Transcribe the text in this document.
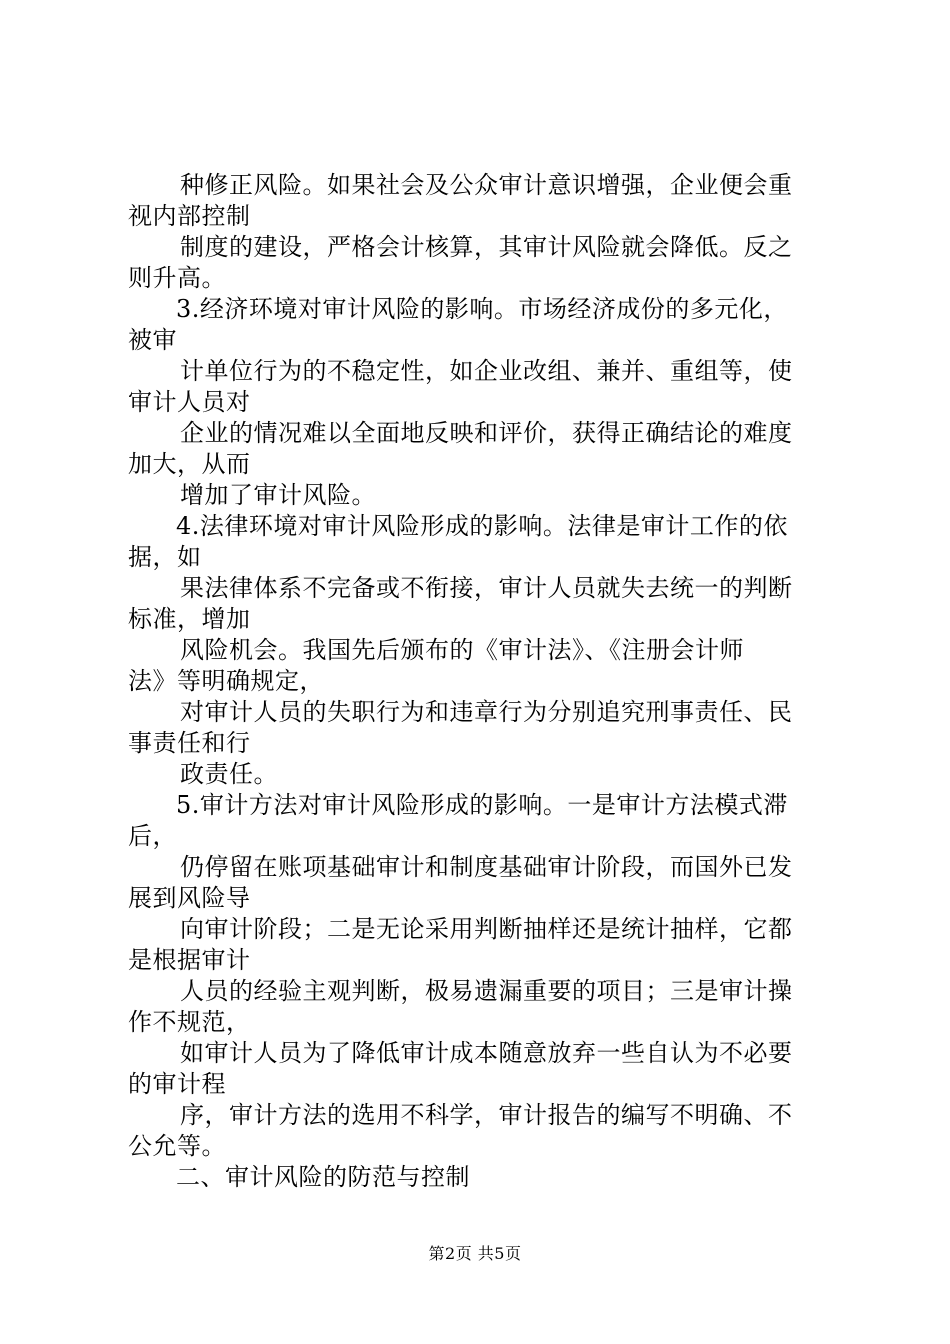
种修正风险。如果社会及公众审计意识增强，企业便会重
视内部控制
制度的建设，严格会计核算，其审计风险就会降低。反之
则升高。
3.经济环境对审计风险的影响。市场经济成份的多元化，
被审
计单位行为的不稳定性，如企业改组、兼并、重组等，使
审计人员对
企业的情况难以全面地反映和评价，获得正确结论的难度
加大，从而
增加了审计风险。
4.法律环境对审计风险形成的影响。法律是审计工作的依
据，如
果法律体系不完备或不衔接，审计人员就失去统一的判断
标准，增加
风险机会。我国先后颁布的《审计法》、《注册会计师
法》等明确规定，
对审计人员的失职行为和违章行为分别追究刑事责任、民
事责任和行
政责任。
5.审计方法对审计风险形成的影响。一是审计方法模式滞
后，
仍停留在账项基础审计和制度基础审计阶段，而国外已发
展到风险导
向审计阶段；二是无论采用判断抽样还是统计抽样，它都
是根据审计
人员的经验主观判断，极易遗漏重要的项目；三是审计操
作不规范，
如审计人员为了降低审计成本随意放弃一些自认为不必要
的审计程
序，审计方法的选用不科学，审计报告的编写不明确、不
公允等。
二、审计风险的防范与控制
第2页 共5页
